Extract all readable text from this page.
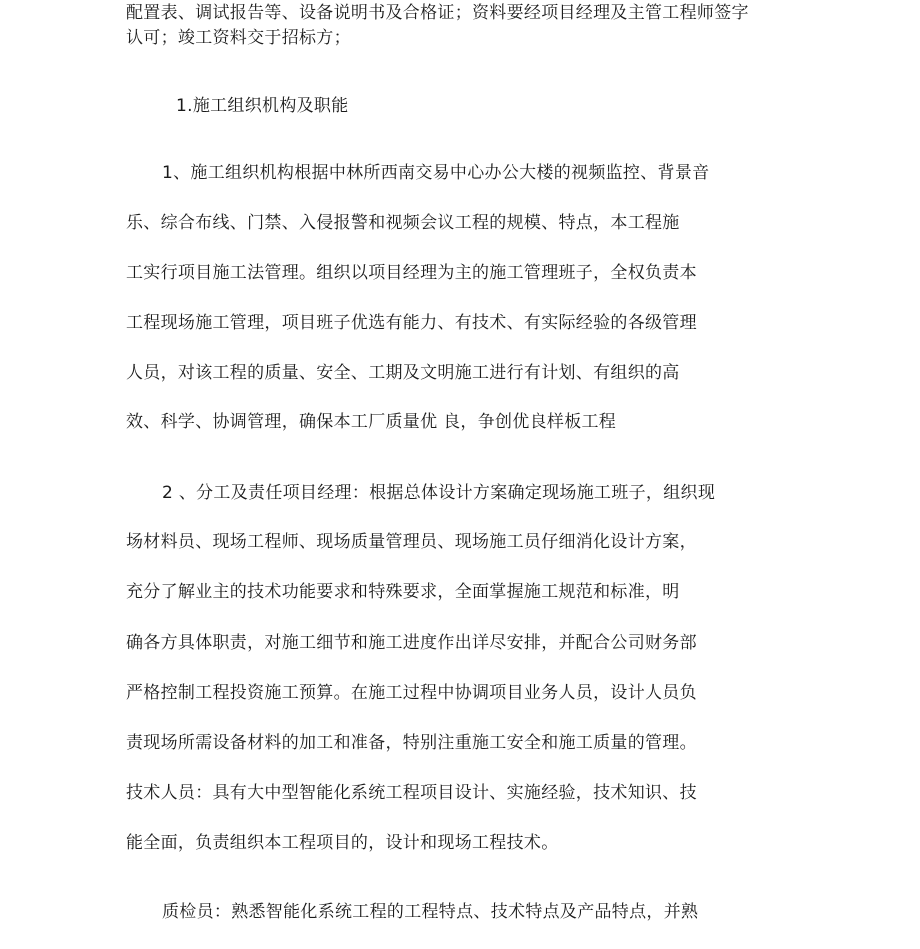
配置表、调试报告等、设备说明书及合格证；资料要经项目经理及主管工程师签字
认可；竣工资料交于招标方；
1.施工组织机构及职能
1、施工组织机构根据中林所西南交易中心办公大楼的视频监控、背景音
乐、综合布线、门禁、入侵报警和视频会议工程的规模、特点，本工程施
工实行项目施工法管理。组织以项目经理为主的施工管理班子，全权负责本
工程现场施工管理，项目班子优选有能力、有技术、有实际经验的各级管理
人员，对该工程的质量、安全、工期及文明施工进行有计划、有组织的高
效、科学、协调管理，确保本工厂质量优 良，争创优良样板工程
2 、分工及责任项目经理：根据总体设计方案确定现场施工班子，组织现
场材料员、现场工程师、现场质量管理员、现场施工员仔细消化设计方案，
充分了解业主的技术功能要求和特殊要求，全面掌握施工规范和标准，明
确各方具体职责，对施工细节和施工进度作出详尽安排，并配合公司财务部
严格控制工程投资施工预算。在施工过程中协调项目业务人员，设计人员负
责现场所需设备材料的加工和准备，特别注重施工安全和施工质量的管理。
技术人员：具有大中型智能化系统工程项目设计、实施经验，技术知识、技
能全面，负责组织本工程项目的，设计和现场工程技术。
质检员：熟悉智能化系统工程的工程特点、技术特点及产品特点，并熟
